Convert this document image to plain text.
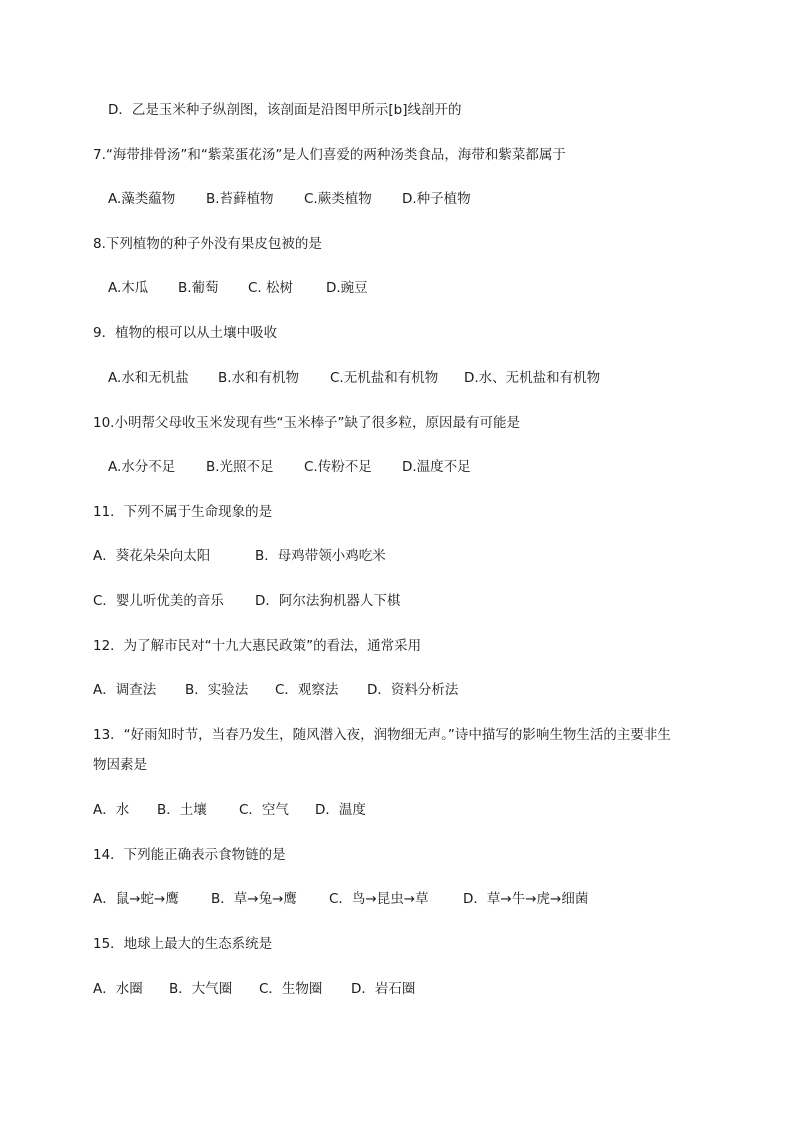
D．乙是玉米种子纵剖图，该剖面是沿图甲所示[b]线剖开的
7.“海带排骨汤”和“紫菜蛋花汤”是人们喜爱的两种汤类食品，海带和紫菜都属于
A.藻类藴物 B.苔藓植物 C.蕨类植物 D.种子植物
8.下列植物的种子外没有果皮包被的是
A.木瓜 B.葡萄 C. 松树 D.豌豆
9．植物的根可以从土壤中吸收
A.水和无机盐 B.水和有机物 C.无机盐和有机物 D.水、无机盐和有机物
10.小明帮父母收玉米发现有些“玉米棒子”缺了很多粒，原因最有可能是
A.水分不足 B.光照不足 C.传粉不足 D.温度不足
11．下列不属于生命现象的是
A．葵花朵朵向太阳	B．母鸡带领小鸡吃米
C．婴儿听优美的音乐 D．阿尔法狗机器人下棋
12．为了解市民对“十九大惠民政策”的看法，通常采用
A．调查法 B．实验法 C．观察法 D．资料分析法
13．“好雨知时节，当春乃发生，随风潜入夜，润物细无声。”诗中描写的影响生物生活的主要非生
物因素是
A．水 B．土壤 C．空气 D．温度
14．下列能正确表示食物链的是
A．鼠→蛇→鹰 B．草→兔→鹰 C．鸟→昆虫→草	D．草→牛→虎→细菌
15．地球上最大的生态系统是
A．水圈 B．大气圈 C．生物圈 D．岩石圈
